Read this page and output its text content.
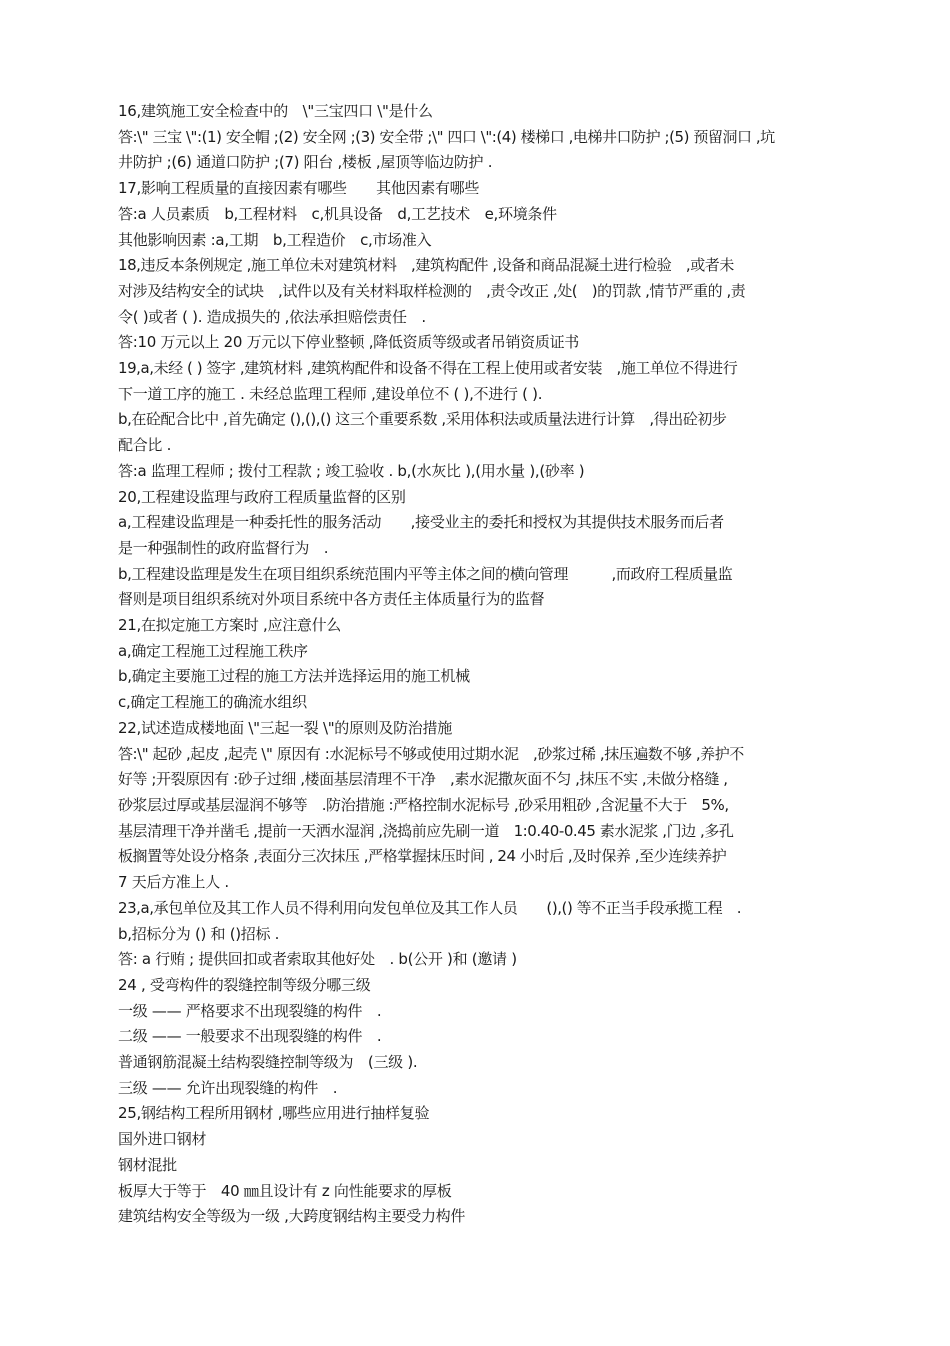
16,建筑施工安全检查中的　\"三宝四口 \"是什么
答:\" 三宝 \":(1) 安全帽 ;(2) 安全网 ;(3) 安全带 ;\" 四口 \":(4) 楼梯口 ,电梯井口防护 ;(5) 预留洞口 ,坑
井防护 ;(6) 通道口防护 ;(7) 阳台 ,楼板 ,屋顶等临边防护 .
17,影响工程质量的直接因素有哪些　　其他因素有哪些
答:a 人员素质　b,工程材料　c,机具设备　d,工艺技术　e,环境条件
其他影响因素 :a,工期　b,工程造价　c,市场准入
18,违反本条例规定 ,施工单位未对建筑材料　,建筑构配件 ,设备和商品混凝土进行检验　,或者未
对涉及结构安全的试块　,试件以及有关材料取样检测的　,责令改正 ,处(　)的罚款 ,情节严重的 ,责
令( )或者 ( ). 造成损失的 ,依法承担赔偿责任　.
答:10 万元以上 20 万元以下停业整顿 ,降低资质等级或者吊销资质证书
19,a,未经 ( ) 签字 ,建筑材料 ,建筑构配件和设备不得在工程上使用或者安装　,施工单位不得进行
下一道工序的施工 . 未经总监理工程师 ,建设单位不 ( ),不进行 ( ).
b,在砼配合比中 ,首先确定 (),(),() 这三个重要系数 ,采用体积法或质量法进行计算　,得出砼初步
配合比 .
答:a 监理工程师 ; 拨付工程款 ; 竣工验收 . b,(水灰比 ),(用水量 ),(砂率 )
20,工程建设监理与政府工程质量监督的区别
a,工程建设监理是一种委托性的服务活动　　,接受业主的委托和授权为其提供技术服务而后者
是一种强制性的政府监督行为　.
b,工程建设监理是发生在项目组织系统范围内平等主体之间的横向管理　　　,而政府工程质量监
督则是项目组织系统对外项目系统中各方责任主体质量行为的监督
21,在拟定施工方案时 ,应注意什么
a,确定工程施工过程施工秩序
b,确定主要施工过程的施工方法并选择运用的施工机械
c,确定工程施工的确流水组织
22,试述造成楼地面 \"三起一裂 \"的原则及防治措施
答:\" 起砂 ,起皮 ,起壳 \" 原因有 :水泥标号不够或使用过期水泥　,砂浆过稀 ,抹压遍数不够 ,养护不
好等 ;开裂原因有 :砂子过细 ,楼面基层清理不干净　,素水泥撒灰面不匀 ,抹压不实 ,未做分格缝 ,
砂浆层过厚或基层湿润不够等　.防治措施 :严格控制水泥标号 ,砂采用粗砂 ,含泥量不大于　5%,
基层清理干净并凿毛 ,提前一天洒水湿润 ,浇捣前应先刷一道　1:0.40-0.45 素水泥浆 ,门边 ,多孔
板搁置等处设分格条 ,表面分三次抹压 ,严格掌握抹压时间 , 24 小时后 ,及时保养 ,至少连续养护
7 天后方准上人 .
23,a,承包单位及其工作人员不得利用向发包单位及其工作人员　　(),() 等不正当手段承揽工程　.
b,招标分为 () 和 ()招标 .
答: a 行贿 ; 提供回扣或者索取其他好处　. b(公开 )和 (邀请 )
24 , 受弯构件的裂缝控制等级分哪三级
一级 —— 严格要求不出现裂缝的构件　.
二级 —— 一般要求不出现裂缝的构件　.
普通钢筋混凝土结构裂缝控制等级为　(三级 ).
三级 —— 允许出现裂缝的构件　.
25,钢结构工程所用钢材 ,哪些应用进行抽样复验
国外进口钢材
钢材混批
板厚大于等于　40 ㎜且设计有 z 向性能要求的厚板
建筑结构安全等级为一级 ,大跨度钢结构主要受力构件
